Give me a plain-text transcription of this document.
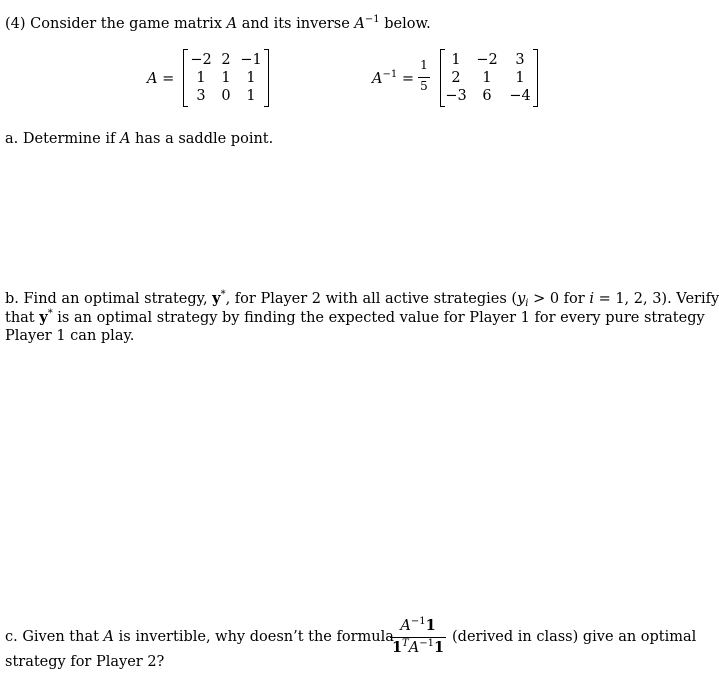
(4) Consider the game matrix A and its inverse $A^{-1}$ below.
A =
−2 2 −1
1	1	1
3	0	1
$A^{-1}$ =
1
5
1	−2	3
2	1	1
−3	6	−4
a. Determine if A has a saddle point.
b. Find an optimal strategy, y*, for Player 2 with all active strategies ($y_i > 0$ for i = 1, 2, 3). Verify
that y* is an optimal strategy by finding the expected value for Player 1 for every pure strategy
Player 1 can play.
c. Given that A is invertible, why doesn’t the formula
$A^{-1}1$
$1^TA^{-1}1$
(derived in class) give an optimal
strategy for Player 2?
